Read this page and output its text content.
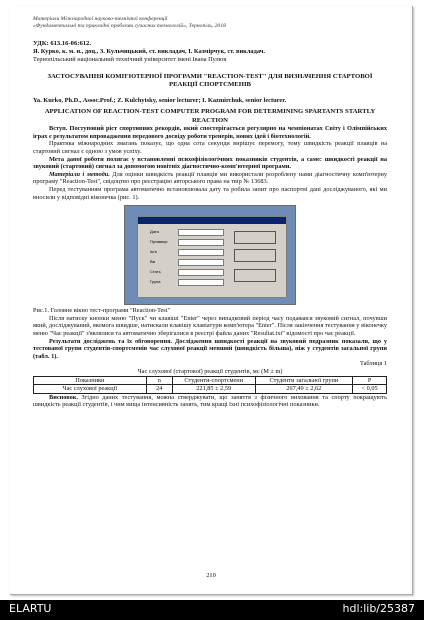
Матеріали Міжнародної науково-технічної конференції
«Фундаментальні та прикладні проблеми сучасних технологій», Тернопіль, 2018
УДК: 613.16-06:612.
Я. Курко, к. м. н., доц., З. Кульчицький, ст. викладач, І. Казмірчук, ст. викладач.
Тернопільський національний технічний університет імені Івана Пулюя
ЗАСТОСУВАННЯ КОМП'ЮТЕРНОЇ ПРОГРАМИ "REACTION-TEST" ДЛЯ ВИЗНАЧЕННЯ СТАРТОВОЇ РЕАКЦІЇ СПОРТСМЕНІВ
Ya. Kurko, Ph.D., Assoc.Prof.; Z. Kulchytsky, senior lecturer; I. Kazmirchuk, senior lecturer.
APPLICATION OF REACTION-TEST COMPUTER PROGRAM FOR DETERMINING SPARTANTS STARTLY REACTION

Вступ. Поступовий ріст спортивних рекордів, який спостерігається регулярно на чемпіонатах Світу і Олімпійських іграх є результатом впровадження передового досвіду роботи тренерів, нових ідей і біотехнологій.

Практика міжнародних змагань показує, що одна сота секунди вирішує перемогу, тому швидкість реакції плавців на стартовий сигнал є одною з умов успіху.

Мета даної роботи полягає у встановленні психофізіологічних показників студентів, а саме: швидкості реакції на звуковий (стартовий) сигнал за допомогою новітніх діагностично-комп'ютерної програми.

Матеріали і методи. Для оцінки швидкість реакції плавців ми використали розроблену нами діагностичну комп'ютерну програму "Reaction-Test", свідоцтво про реєстрацію авторського права на твір № 13683.

Перед тестуванням програма автоматично встановлювала дату та робила запит про паспортні дані досліджуваного, які ми вносили у відповідні віконечка (рис. 1).

Дата
Прізвище
Ім'я
Вік
Стать
Група
Рис.1. Головне вікно тест-програми "Reaction-Test"

Після натиску кнопки меню "Пуск" чи клавіші "Enter" через випадковий період часу подавався звуковий сигнал, почувши який, досліджуваний, якомога швидше, натискали клавішу клавіатури комп'ютера "Enter". Після закінчення тестування у віконечку меню "Час реакції" з'являлися та автоматично зберігалися в реєстрі файла даних "Resultat.txt" відомості про час реакції.

Результати досліджень та їх обговорення. Дослідження швидкості реакції на звуковий подразник показали, що у тестованої групи студентів-спортсменів час слухової реакції менший (швидкість більша), ніж у студентів загальної групи (табл. 1).

Таблиця 1
Час слухової (стартової) реакції студентів, мс (M ± m)
Показники	n	Студенти-спортсмени	Студенти загальної групи	P
Час слухової реакції	24	221,85 ± 2,59	267,49 ± 2,62	< 0,05

Висновок. Згідно даних тестування, можна стверджувати, що заняття з фізичного виховання та спорту покращують швидкість реакції студентів, і чим вища інтенсивність занять, тим кращі їхні психофізіологічні показники.

210
ELARTU	hdl:lib/25387
